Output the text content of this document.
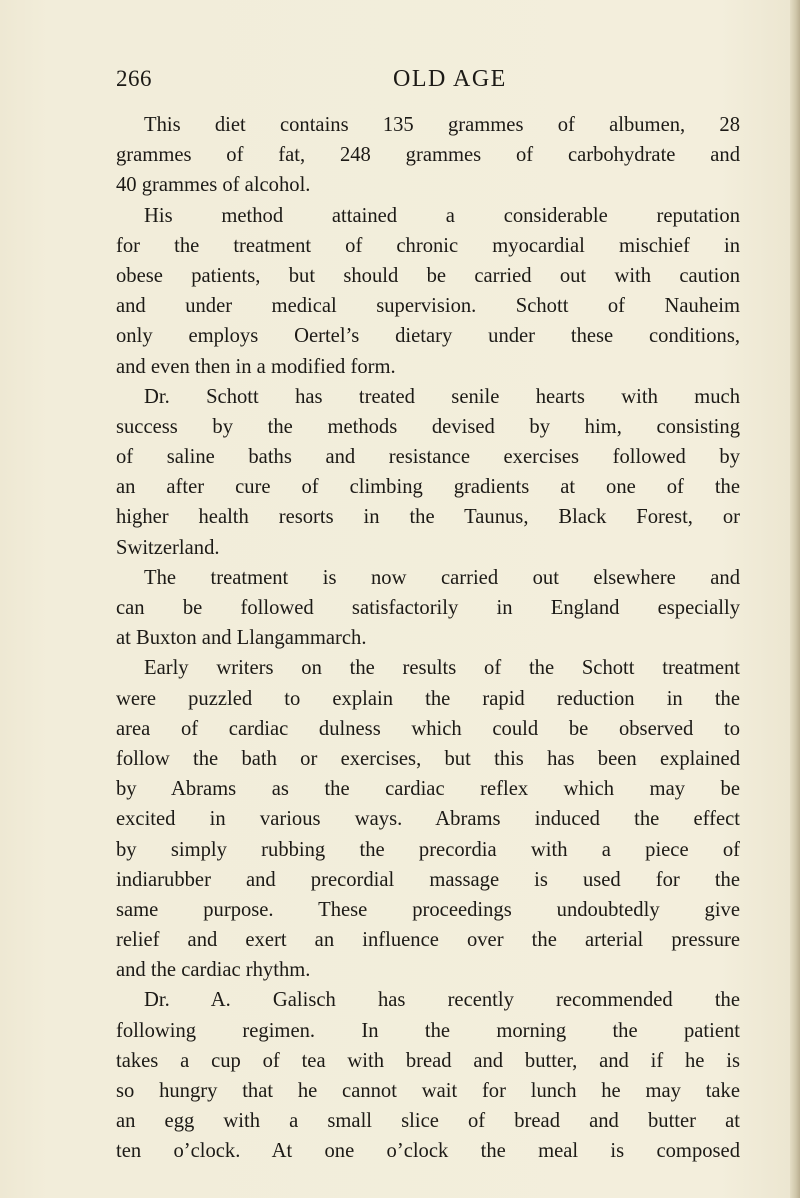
266	OLD AGE
This diet contains 135 grammes of albumen, 28
grammes of fat, 248 grammes of carbohydrate and
40 grammes of alcohol.
His method attained a considerable reputation
for the treatment of chronic myocardial mischief in
obese patients, but should be carried out with caution
and under medical supervision. Schott of Nauheim
only employs Oertel’s dietary under these conditions,
and even then in a modified form.
Dr. Schott has treated senile hearts with much
success by the methods devised by him, consisting
of saline baths and resistance exercises followed by
an after cure of climbing gradients at one of the
higher health resorts in the Taunus, Black Forest, or
Switzerland.
The treatment is now carried out elsewhere and
can be followed satisfactorily in England especially
at Buxton and Llangammarch.
Early writers on the results of the Schott treatment
were puzzled to explain the rapid reduction in the
area of cardiac dulness which could be observed to
follow the bath or exercises, but this has been explained
by Abrams as the cardiac reflex which may be
excited in various ways. Abrams induced the effect
by simply rubbing the precordia with a piece of
indiarubber and precordial massage is used for the
same purpose. These proceedings undoubtedly give
relief and exert an influence over the arterial pressure
and the cardiac rhythm.
Dr. A. Galisch has recently recommended the
following regimen. In the morning the patient
takes a cup of tea with bread and butter, and if he is
so hungry that he cannot wait for lunch he may take
an egg with a small slice of bread and butter at
ten o’clock. At one o’clock the meal is composed
